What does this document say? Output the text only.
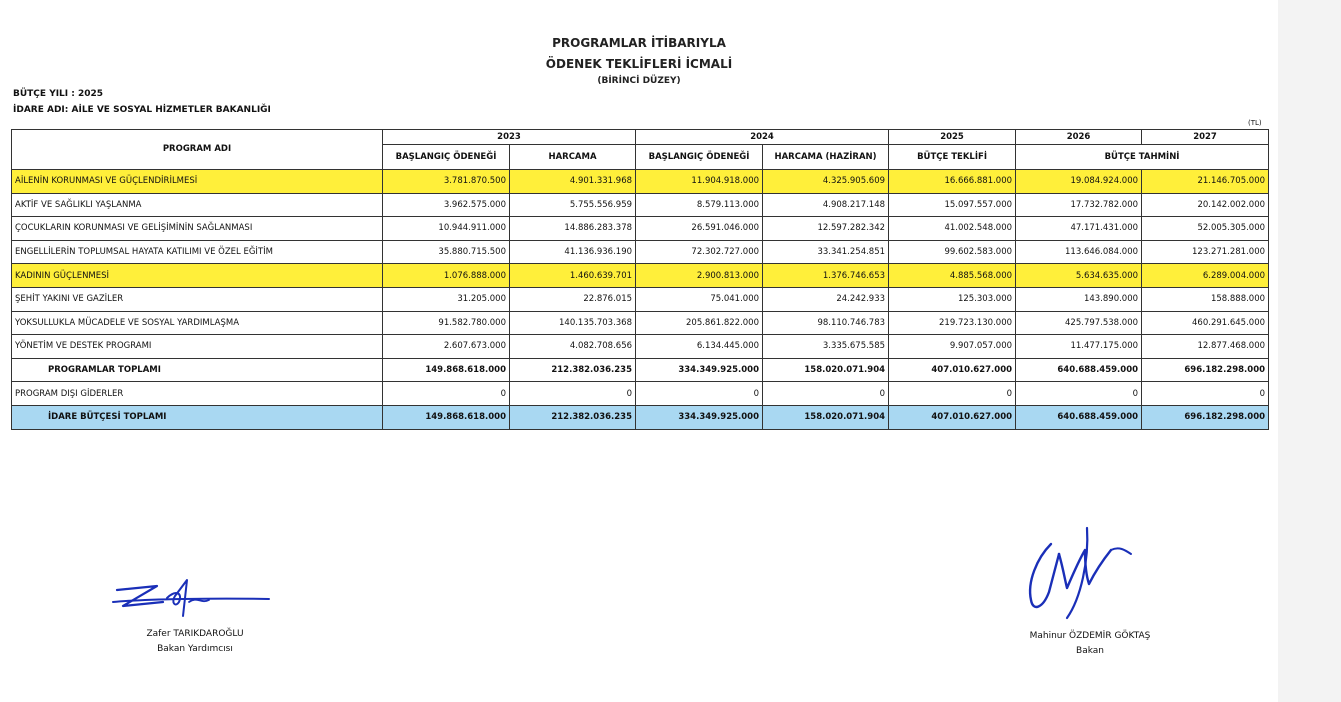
PROGRAMLAR İTİBARIYLA
ÖDENEK TEKLİFLERİ İCMALİ
(BİRİNCİ DÜZEY)
BÜTÇE YILI : 2025
İDARE ADI: AİLE VE SOSYAL HİZMETLER BAKANLIĞI
(TL)
PROGRAM ADI	2023		2024		2025	2026	2027
	BAŞLANGIÇ ÖDENEĞİ	HARCAMA	BAŞLANGIÇ ÖDENEĞİ	HARCAMA (HAZİRAN)	BÜTÇE TEKLİFİ	BÜTÇE TAHMİNİ	
AİLENİN KORUNMASI VE GÜÇLENDİRİLMESİ	3.781.870.500	4.901.331.968	11.904.918.000	4.325.905.609	16.666.881.000	19.084.924.000	21.146.705.000
AKTİF VE SAĞLIKLI YAŞLANMA	3.962.575.000	5.755.556.959	8.579.113.000	4.908.217.148	15.097.557.000	17.732.782.000	20.142.002.000
ÇOCUKLARIN KORUNMASI VE GELİŞİMİNİN SAĞLANMASI	10.944.911.000	14.886.283.378	26.591.046.000	12.597.282.342	41.002.548.000	47.171.431.000	52.005.305.000
ENGELLİLERİN TOPLUMSAL HAYATA KATILIMI VE ÖZEL EĞİTİM	35.880.715.500	41.136.936.190	72.302.727.000	33.341.254.851	99.602.583.000	113.646.084.000	123.271.281.000
KADININ GÜÇLENMESİ	1.076.888.000	1.460.639.701	2.900.813.000	1.376.746.653	4.885.568.000	5.634.635.000	6.289.004.000
ŞEHİT YAKINI VE GAZİLER	31.205.000	22.876.015	75.041.000	24.242.933	125.303.000	143.890.000	158.888.000
YOKSULLUKLA MÜCADELE VE SOSYAL YARDIMLAŞMA	91.582.780.000	140.135.703.368	205.861.822.000	98.110.746.783	219.723.130.000	425.797.538.000	460.291.645.000
YÖNETİM VE DESTEK PROGRAMI	2.607.673.000	4.082.708.656	6.134.445.000	3.335.675.585	9.907.057.000	11.477.175.000	12.877.468.000
PROGRAMLAR TOPLAMI	149.868.618.000	212.382.036.235	334.349.925.000	158.020.071.904	407.010.627.000	640.688.459.000	696.182.298.000
PROGRAM DIŞI GİDERLER	0	0	0	0	0	0	0
İDARE BÜTÇESİ TOPLAMI	149.868.618.000	212.382.036.235	334.349.925.000	158.020.071.904	407.010.627.000	640.688.459.000	696.182.298.000
Zafer TARIKDAROĞLU
Bakan Yardımcısı
Mahinur ÖZDEMİR GÖKTAŞ
Bakan
